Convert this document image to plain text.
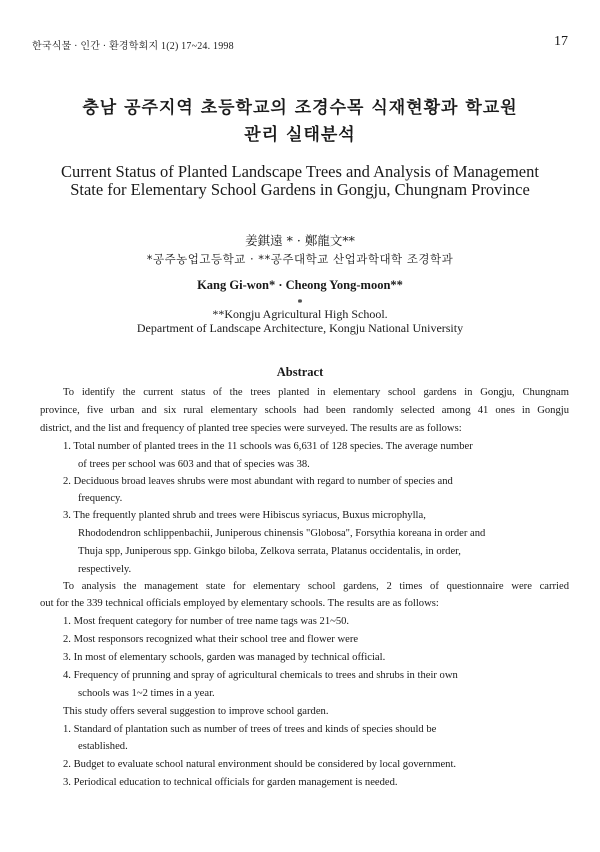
한국식물 · 인간 · 환경학회지 1(2) 17~24. 1998	17
충남 공주지역 초등학교의 조경수목 식재현황과 학교원
관리 실태분석
Current Status of Planted Landscape Trees and Analysis of Management
State for Elementary School Gardens in Gongju, Chungnam Province
姜錤遠 * · 鄭龍文**
*공주농업고등학교 · **공주대학교 산업과학대학 조경학과
Kang Gi-won* · Cheong Yong-moon**
*
**Kongju Agricultural High School.
Department of Landscape Architecture, Kongju National University
Abstract
To identify the current status of the trees planted in elementary school gardens in Gongju, Chungnam
province, five urban and six rural elementary schools had been randomly selected among 41 ones in Gongju
district, and the list and frequency of planted tree species were surveyed. The results are as follows:
1. Total number of planted trees in the 11 schools was 6,631 of 128 species. The average number
of trees per school was 603 and that of species was 38.
2. Deciduous broad leaves shrubs were most abundant with regard to number of species and
frequency.
3. The frequently planted shrub and trees were Hibiscus syriacus, Buxus microphylla,
Rhododendron schlippenbachii, Juniperous chinensis "Globosa", Forsythia koreana in order and
Thuja spp, Juniperous spp. Ginkgo biloba, Zelkova serrata, Platanus occidentalis, in order,
respectively.
To analysis the management state for elementary school gardens, 2 times of questionnaire were carried
out for the 339 technical officials employed by elementary schools. The results are as follows:
1. Most frequent category for number of tree name tags was 21~50.
2. Most responsors recognized what their school tree and flower were
3. In most of elementary schools, garden was managed by technical official.
4. Frequency of prunning and spray of agricultural chemicals to trees and shrubs in their own
schools was 1~2 times in a year.
This study offers several suggestion to improve school garden.
1. Standard of plantation such as number of trees of trees and kinds of species should be
established.
2. Budget to evaluate school natural environment should be considered by local government.
3. Periodical education to technical officials for garden management is needed.
